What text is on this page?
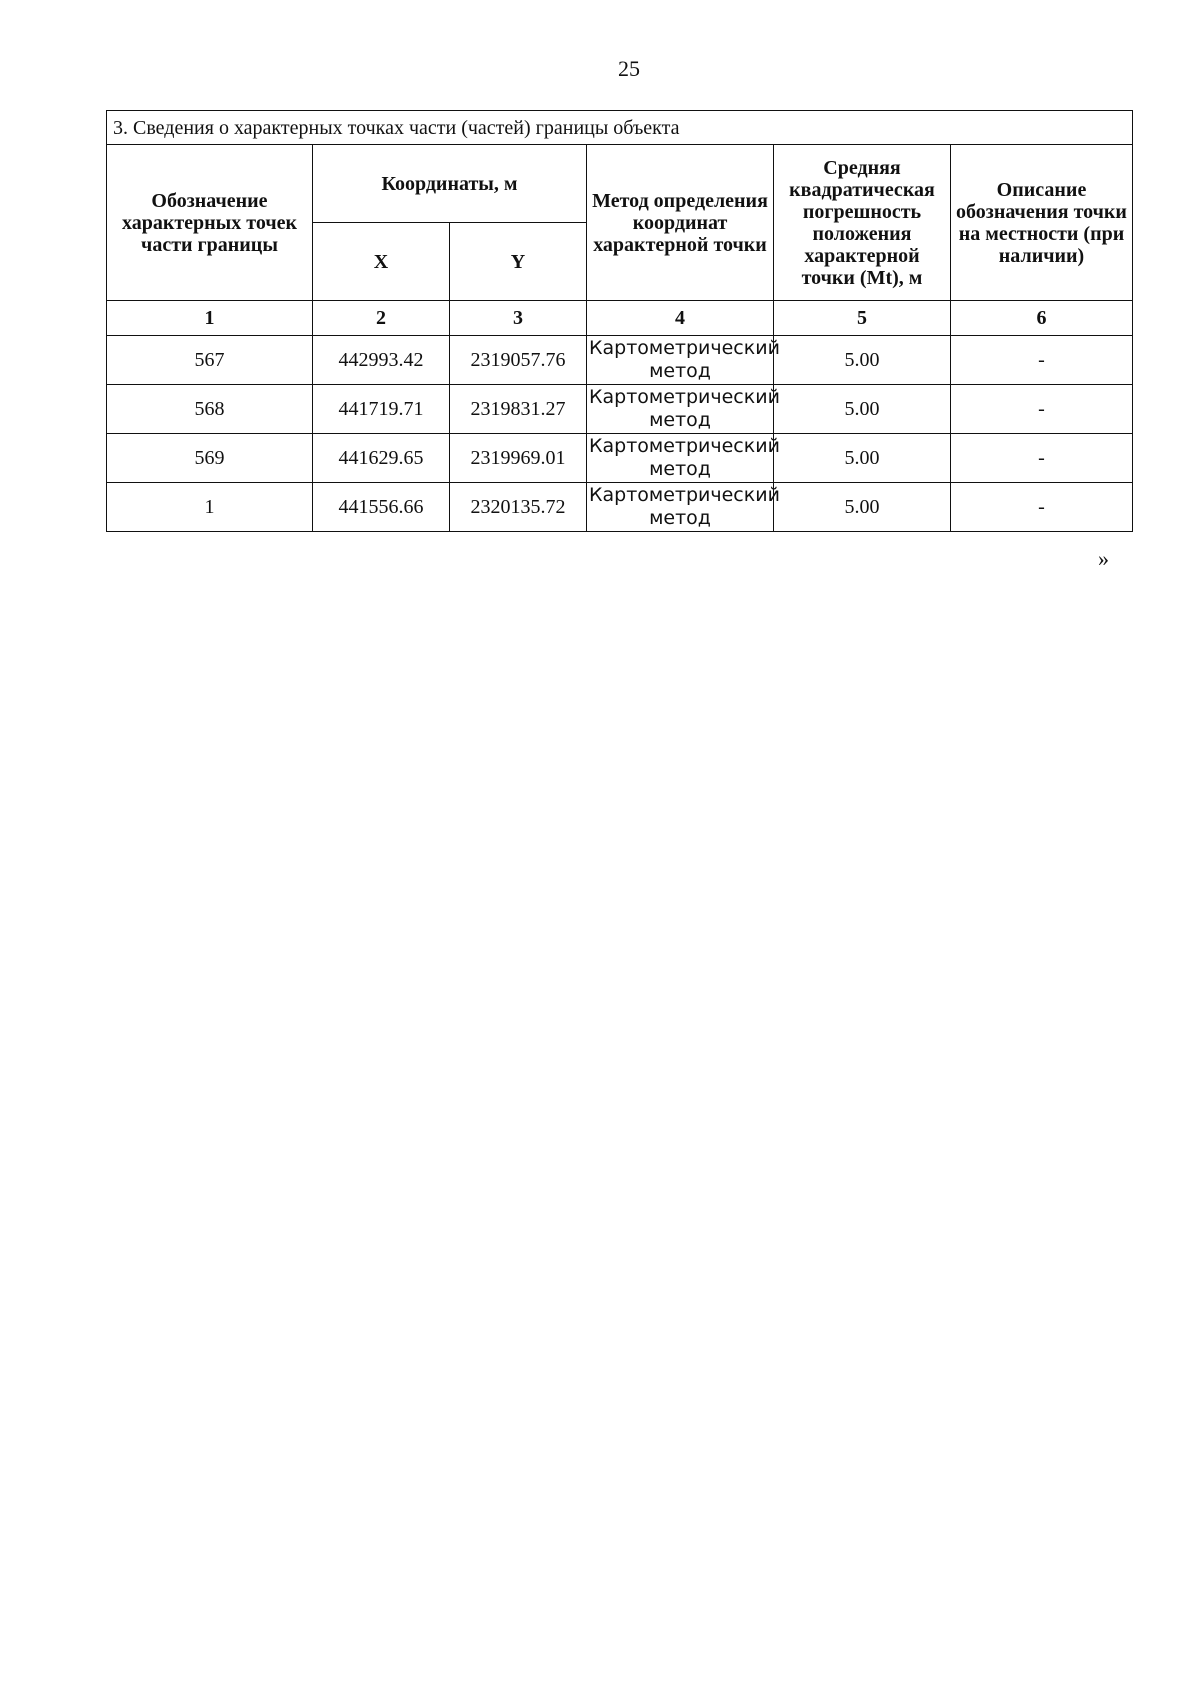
25
3. Сведения о характерных точках части (частей) границы объекта					
Обозначение характерных точек части границы	Координаты, м		Метод определения координат характерной точки	Средняя квадратическая погрешность положения характерной точки (Mt), м	Описание обозначения точки на местности (при наличии)
	X	Y			
1	2	3	4	5	6
567	442993.42	2319057.76	Картометрический метод	5.00	-
568	441719.71	2319831.27	Картометрический метод	5.00	-
569	441629.65	2319969.01	Картометрический метод	5.00	-
1	441556.66	2320135.72	Картометрический метод	5.00	-
»
